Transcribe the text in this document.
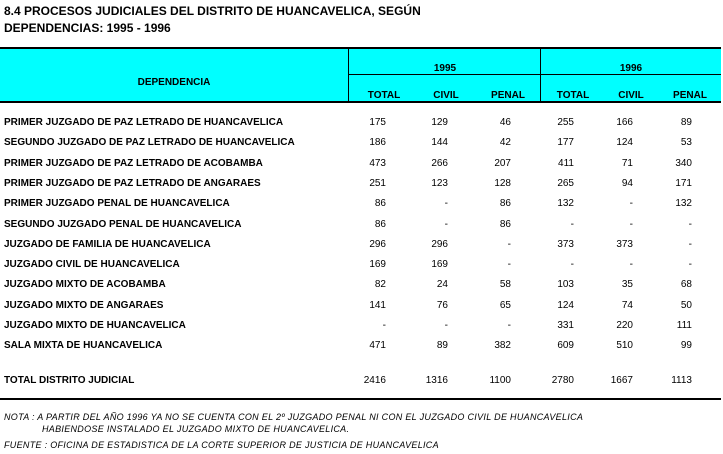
8.4 PROCESOS JUDICIALES DEL DISTRITO DE HUANCAVELICA, SEGÚN
DEPENDENCIAS: 1995 - 1996
DEPENDENCIA
1995	1996
TOTAL	CIVIL	PENAL	TOTAL	CIVIL	PENAL
PRIMER JUZGADO DE PAZ LETRADO DE HUANCAVELICA	175	129	46	255	166	89
SEGUNDO JUZGADO DE PAZ LETRADO DE HUANCAVELICA	186	144	42	177	124	53
PRIMER JUZGADO DE PAZ LETRADO DE ACOBAMBA	473	266	207	411	71	340
PRIMER JUZGADO DE PAZ LETRADO DE ANGARAES	251	123	128	265	94	171
PRIMER JUZGADO PENAL DE HUANCAVELICA	86	-	86	132	-	132
SEGUNDO JUZGADO PENAL DE HUANCAVELICA	86	-	86	-	-	-
JUZGADO DE FAMILIA DE HUANCAVELICA	296	296	-	373	373	-
JUZGADO CIVIL DE HUANCAVELICA	169	169	-	-	-	-
JUZGADO MIXTO DE ACOBAMBA	82	24	58	103	35	68
JUZGADO MIXTO DE ANGARAES	141	76	65	124	74	50
JUZGADO MIXTO DE HUANCAVELICA	-	-	-	331	220	111
SALA MIXTA DE HUANCAVELICA	471	89	382	609	510	99
TOTAL DISTRITO JUDICIAL	2416	1316	1100	2780	1667	1113
NOTA : A PARTIR DEL AÑO 1996 YA NO SE CUENTA CON EL 2º JUZGADO PENAL NI CON EL JUZGADO CIVIL DE HUANCAVELICA
HABIENDOSE INSTALADO EL JUZGADO MIXTO DE HUANCAVELICA.
FUENTE : OFICINA DE ESTADISTICA DE LA CORTE SUPERIOR DE JUSTICIA DE HUANCAVELICA
